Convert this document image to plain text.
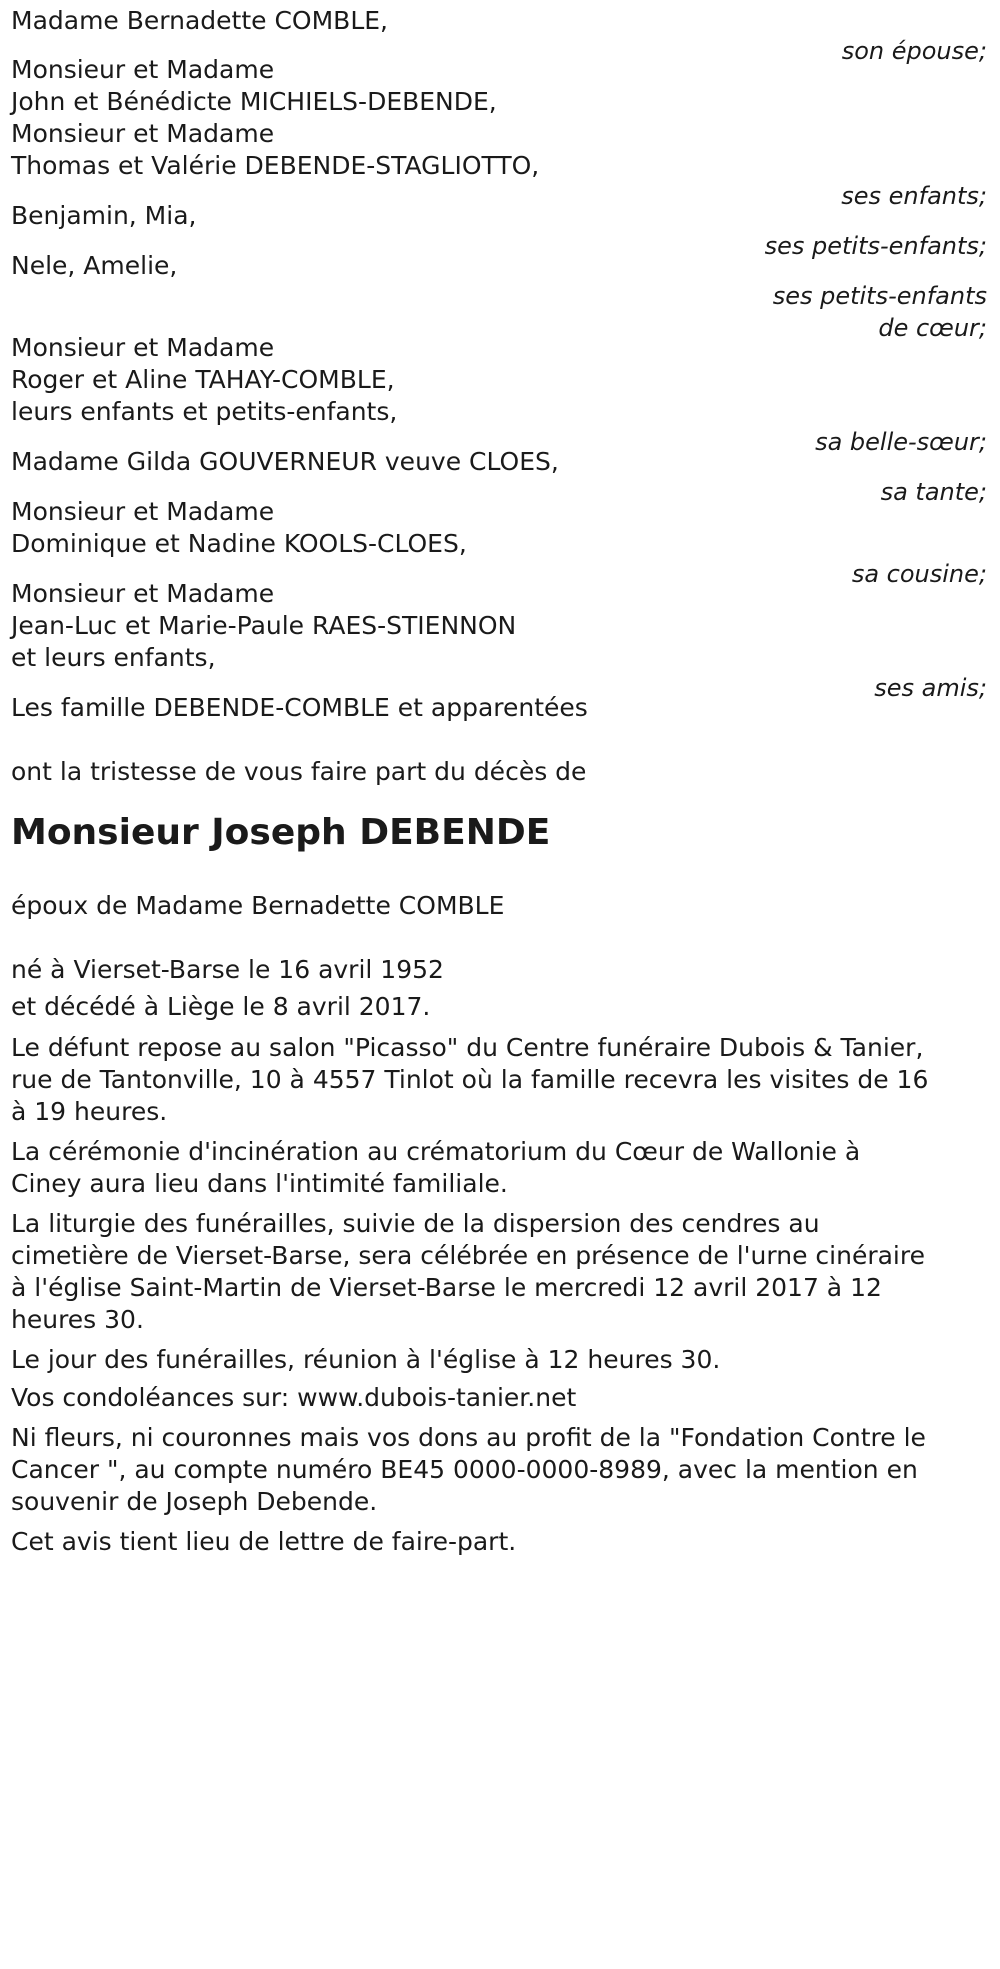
Madame Bernadette COMBLE,

son épouse;

Monsieur et Madame

John et Bénédicte MICHIELS-DEBENDE,

Monsieur et Madame

Thomas et Valérie DEBENDE-STAGLIOTTO,

ses enfants;

Benjamin, Mia,

ses petits-enfants;

Nele, Amelie,

ses petits-enfants

de cœur;

Monsieur et Madame

Roger et Aline TAHAY-COMBLE,

leurs enfants et petits-enfants,

sa belle-sœur;

Madame Gilda GOUVERNEUR veuve CLOES,

sa tante;

Monsieur et Madame

Dominique et Nadine KOOLS-CLOES,

sa cousine;

Monsieur et Madame

Jean-Luc et Marie-Paule RAES-STIENNON

et leurs enfants,

ses amis;

Les famille DEBENDE-COMBLE et apparentées

ont la tristesse de vous faire part du décès de

Monsieur Joseph DEBENDE

époux de Madame Bernadette COMBLE

né à Vierset-Barse le 16 avril 1952

et décédé à Liège le 8 avril 2017.

Le défunt repose au salon "Picasso" du Centre funéraire Dubois & Tanier,

rue de Tantonville, 10 à 4557 Tinlot où la famille recevra les visites de 16

à 19 heures.

La cérémonie d'incinération au crématorium du Cœur de Wallonie à

Ciney aura lieu dans l'intimité familiale.

La liturgie des funérailles, suivie de la dispersion des cendres au

cimetière de Vierset-Barse, sera célébrée en présence de l'urne cinéraire

à l'église Saint-Martin de Vierset-Barse le mercredi 12 avril 2017 à 12

heures 30.

Le jour des funérailles, réunion à l'église à 12 heures 30.

Vos condoléances sur: www.dubois-tanier.net

Ni fleurs, ni couronnes mais vos dons au profit de la "Fondation Contre le

Cancer ", au compte numéro BE45 0000-0000-8989, avec la mention en

souvenir de Joseph Debende.

Cet avis tient lieu de lettre de faire-part.
